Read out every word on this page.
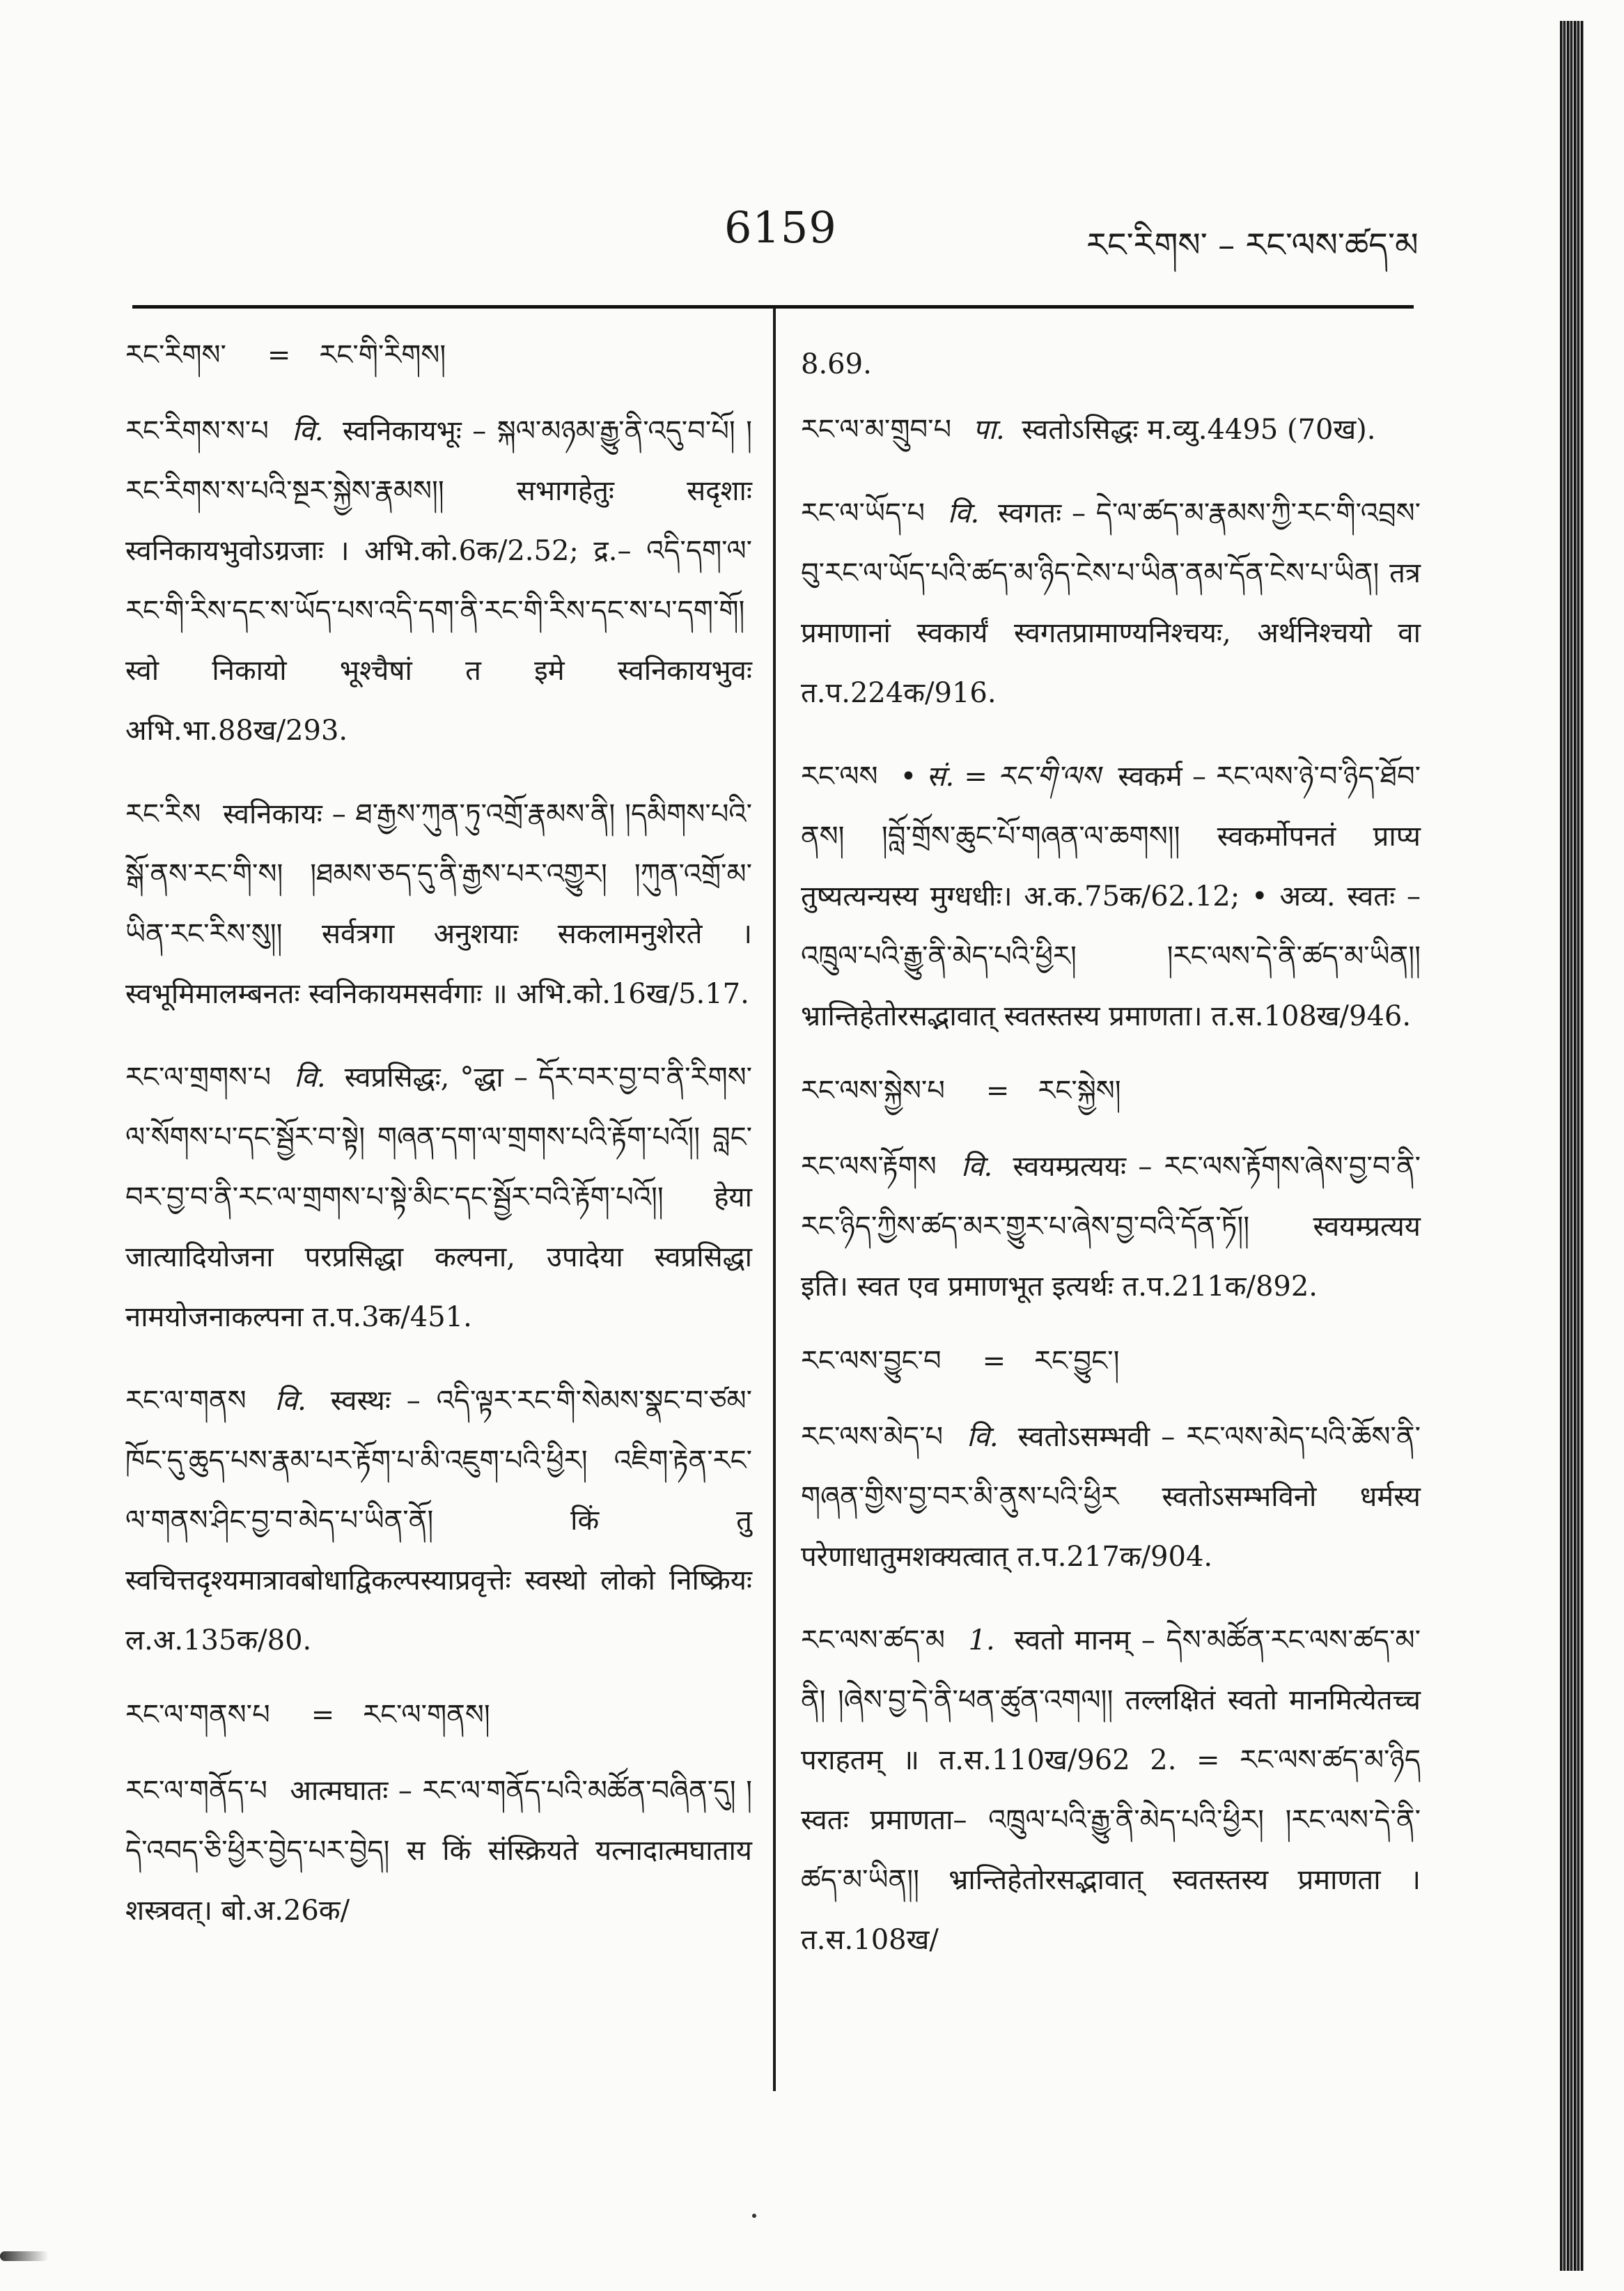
6159	རང་རིགས་ – རང་ལས་ཚད་མ
རང་རིགས་ = རང་གི་རིགས།
རང་རིགས་ས་པ वि. स्वनिकायभूः – སྐལ་མཉམ་རྒྱུ་ནི་འདུ་བ་པོ། །རང་རིགས་ས་པའི་སྔར་སྐྱེས་རྣམས།། सभागहेतुः सदृशाः स्वनिकायभुवोऽग्रजाः । अभि.को.6क/2.52; द्र.– འདི་དག་ལ་རང་གི་རིས་དང་ས་ཡོད་པས་འདི་དག་ནི་རང་གི་རིས་དང་ས་པ་དག་གོ། स्वो निकायो भूश्चैषां त इमे स्वनिकायभुवः अभि.भा.88ख/293.
རང་རིས स्वनिकायः – ཐ་རྒྱས་ཀུན་ཏུ་འགྲོ་རྣམས་ནི། །དམིགས་པའི་སྒོ་ནས་རང་གི་ས། །ཐམས་ཅད་དུ་ནི་རྒྱས་པར་འགྱུར། །ཀུན་འགྲོ་མ་ཡིན་རང་རིས་སུ།། सर्वत्रगा अनुशयाः सकलामनुशेरते । स्वभूमिमालम्बनतः स्वनिकायमसर्वगाः ॥ अभि.को.16ख/5.17.
རང་ལ་གྲགས་པ वि. स्वप्रसिद्धः, °द्धा – དོར་བར་བྱ་བ་ནི་རིགས་ལ་སོགས་པ་དང་སྦྱོར་བ་སྟེ། གཞན་དག་ལ་གྲགས་པའི་རྟོག་པའོ།། བླང་བར་བྱ་བ་ནི་རང་ལ་གྲགས་པ་སྟེ་མིང་དང་སྦྱོར་བའི་རྟོག་པའོ།། हेया जात्यादियोजना परप्रसिद्धा कल्पना, उपादेया स्वप्रसिद्धा नामयोजनाकल्पना त.प.3क/451.
རང་ལ་གནས वि. स्वस्थः – འདི་ལྟར་རང་གི་སེམས་སྣང་བ་ཙམ་ཁོང་དུ་ཆུད་པས་རྣམ་པར་རྟོག་པ་མི་འཇུག་པའི་ཕྱིར། འཇིག་རྟེན་རང་ལ་གནས་ཤིང་བྱ་བ་མེད་པ་ཡིན་ནོ། किं तु स्वचित्तदृश्यमात्रावबोधाद्विकल्पस्याप्रवृत्तेः स्वस्थो लोको निष्क्रियः ल.अ.135क/80.
རང་ལ་གནས་པ = རང་ལ་གནས།
རང་ལ་གནོད་པ आत्मघातः – རང་ལ་གནོད་པའི་མཚོན་བཞིན་དུ། །དེ་འབད་ཅི་ཕྱིར་བྱེད་པར་བྱེད། स किं संस्क्रियते यत्नादात्मघाताय शस्त्रवत्। बो.अ.26क/
8.69.
རང་ལ་མ་གྲུབ་པ पा. स्वतोऽसिद्धः म.व्यु.4495 (70ख).
རང་ལ་ཡོད་པ वि. स्वगतः – དེ་ལ་ཚད་མ་རྣམས་ཀྱི་རང་གི་འབྲས་བུ་རང་ལ་ཡོད་པའི་ཚད་མ་ཉིད་ངེས་པ་ཡིན་ནམ་དོན་ངེས་པ་ཡིན། तत्र प्रमाणानां स्वकार्यं स्वगतप्रामाण्यनिश्चयः, अर्थनिश्चयो वा त.प.224क/916.
རང་ལས • सं. = རང་གི་ལས स्वकर्म – རང་ལས་ཉེ་བ་ཉིད་ཐོབ་ནས། །བློ་གྲོས་ཆུང་པོ་གཞན་ལ་ཆགས།། स्वकर्मोपनतं प्राप्य तुष्यत्यन्यस्य मुग्धधीः। अ.क.75क/62.12; • अव्य. स्वतः – འཁྲུལ་པའི་རྒྱུ་ནི་མེད་པའི་ཕྱིར། །རང་ལས་དེ་ནི་ཚད་མ་ཡིན།། भ्रान्तिहेतोरसद्भावात् स्वतस्तस्य प्रमाणता। त.स.108ख/946.
རང་ལས་སྐྱེས་པ = རང་སྐྱེས།
རང་ལས་རྟོགས वि. स्वयम्प्रत्ययः – རང་ལས་རྟོགས་ཞེས་བྱ་བ་ནི་རང་ཉིད་ཀྱིས་ཚད་མར་གྱུར་པ་ཞེས་བྱ་བའི་དོན་ཏོ།། स्वयम्प्रत्यय इति। स्वत एव प्रमाणभूत इत्यर्थः त.प.211क/892.
རང་ལས་བྱུང་བ = རང་བྱུང་།
རང་ལས་མེད་པ वि. स्वतोऽसम्भवी – རང་ལས་མེད་པའི་ཆོས་ནི་གཞན་གྱིས་བྱ་བར་མི་ནུས་པའི་ཕྱིར स्वतोऽसम्भविनो धर्मस्य परेणाधातुमशक्यत्वात् त.प.217क/904.
རང་ལས་ཚད་མ 1. स्वतो मानम् – དེས་མཚོན་རང་ལས་ཚད་མ་ནི། །ཞེས་བྱ་དེ་ནི་ཕན་ཚུན་འགལ།། तल्लक्षितं स्वतो मानमित्येतच्च पराहतम् ॥ त.स.110ख/962 2. = རང་ལས་ཚད་མ་ཉིད स्वतः प्रमाणता– འཁྲུལ་པའི་རྒྱུ་ནི་མེད་པའི་ཕྱིར། །རང་ལས་དེ་ནི་ཚད་མ་ཡིན།། भ्रान्तिहेतोरसद्भावात् स्वतस्तस्य प्रमाणता । त.स.108ख/
